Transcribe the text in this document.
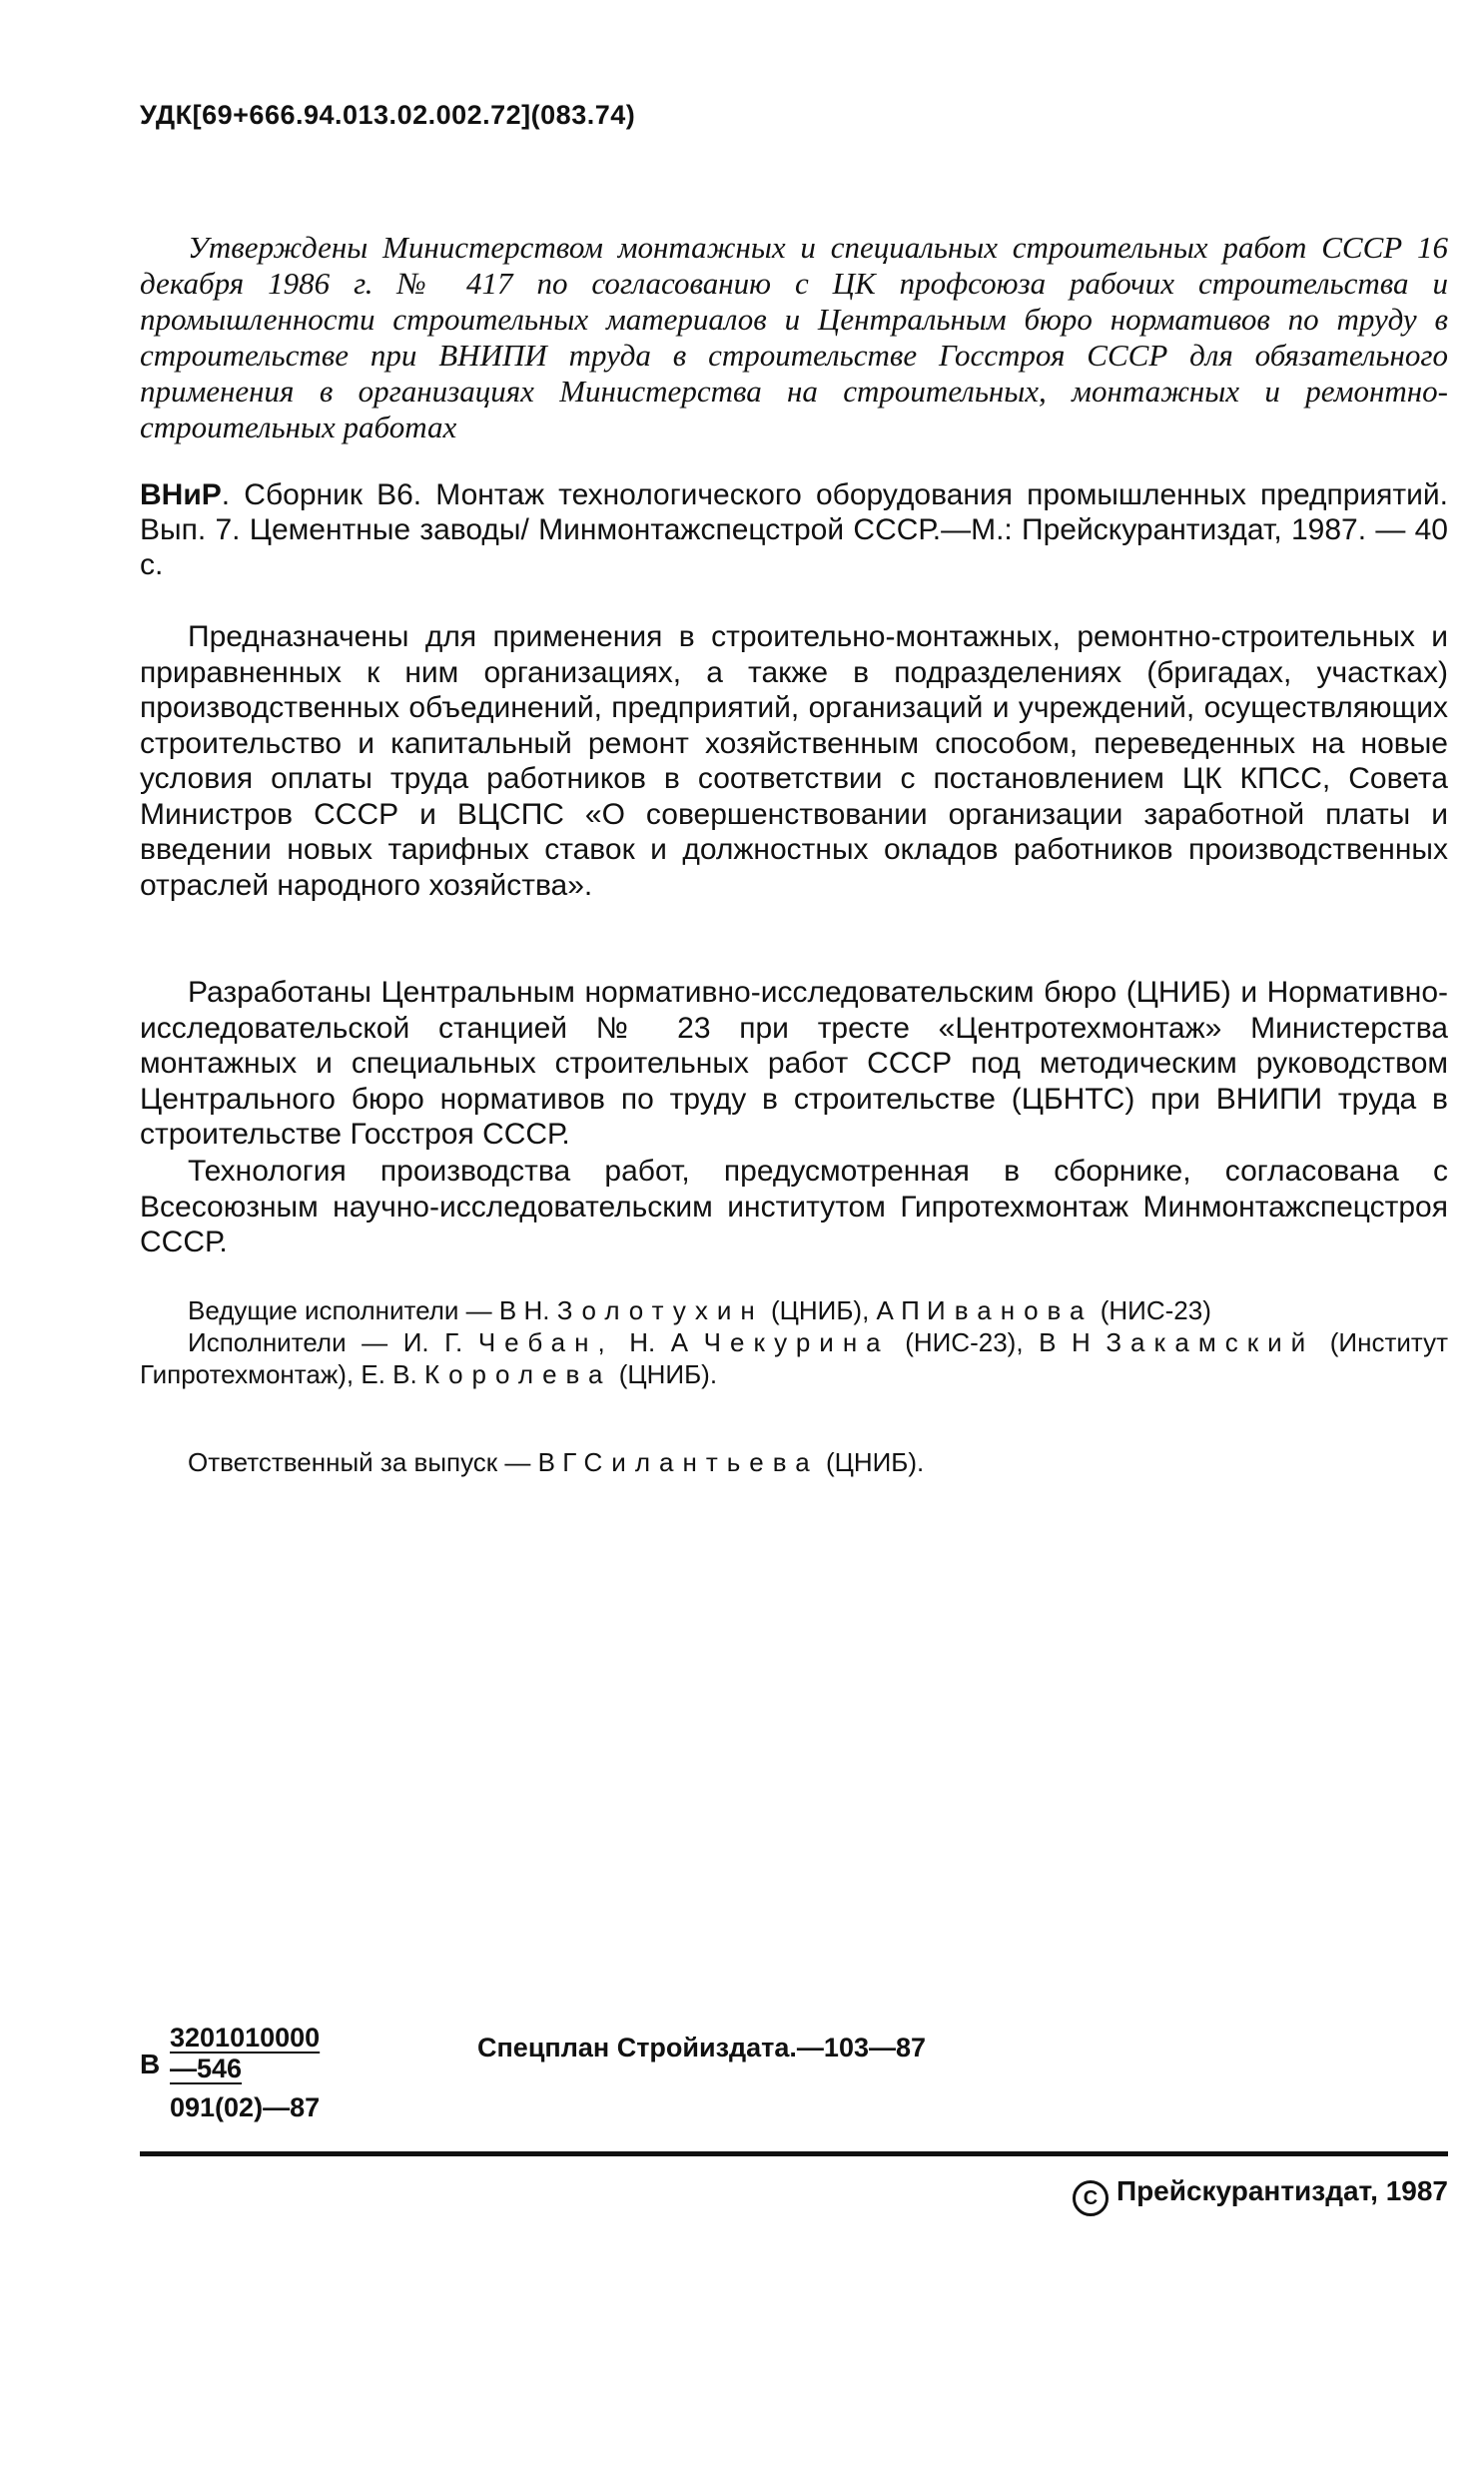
УДК[69+666.94.013.02.002.72](083.74)

Утверждены Министерством монтажных и специальных строительных работ СССР 16 декабря 1986 г. № 417 по согласованию с ЦК профсоюза рабочих строительства и промышленности строительных материалов и Центральным бюро нормативов по труду в строительстве при ВНИПИ труда в строительстве Госстроя СССР для обязательного применения в организациях Министерства на строительных, монтажных и ремонтно-строительных работах

ВНиР. Сборник В6. Монтаж технологического оборудования промышленных предприятий. Вып. 7. Цементные заводы/ Минмонтажспецстрой СССР.—М.: Прейскурантиздат, 1987. — 40 с.

Предназначены для применения в строительно-монтажных, ремонтно-строительных и приравненных к ним организациях, а также в подразделениях (бригадах, участках) производственных объединений, предприятий, организаций и учреждений, осуществляющих строительство и капитальный ремонт хозяйственным способом, переведенных на новые условия оплаты труда работников в соответствии с постановлением ЦК КПСС, Совета Министров СССР и ВЦСПС «О совершенствовании организации заработной платы и введении новых тарифных ставок и должностных окладов работников производственных отраслей народного хозяйства».

Разработаны Центральным нормативно-исследовательским бюро (ЦНИБ) и Нормативно-исследовательской станцией № 23 при тресте «Центротехмонтаж» Министерства монтажных и специальных строительных работ СССР под методическим руководством Центрального бюро нормативов по труду в строительстве (ЦБНТС) при ВНИПИ труда в строительстве Госстроя СССР.

Технология производства работ, предусмотренная в сборнике, согласована с Всесоюзным научно-исследовательским институтом Гипротехмонтаж Минмонтажспецстроя СССР.

Ведущие исполнители — В Н. Золотухин (ЦНИБ), А П Иванова (НИС-23)

Исполнители — И. Г. Чебан, Н. А Чекурина (НИС-23), В Н Закамский (Институт Гипротехмонтаж), Е. В. Королева (ЦНИБ).

Ответственный за выпуск — В Г Силантьева (ЦНИБ).

В $\frac{3201010000—546}{091(02)—87}$	Спецплан Стройиздата.—103—87
C Прейскурантиздат, 1987
